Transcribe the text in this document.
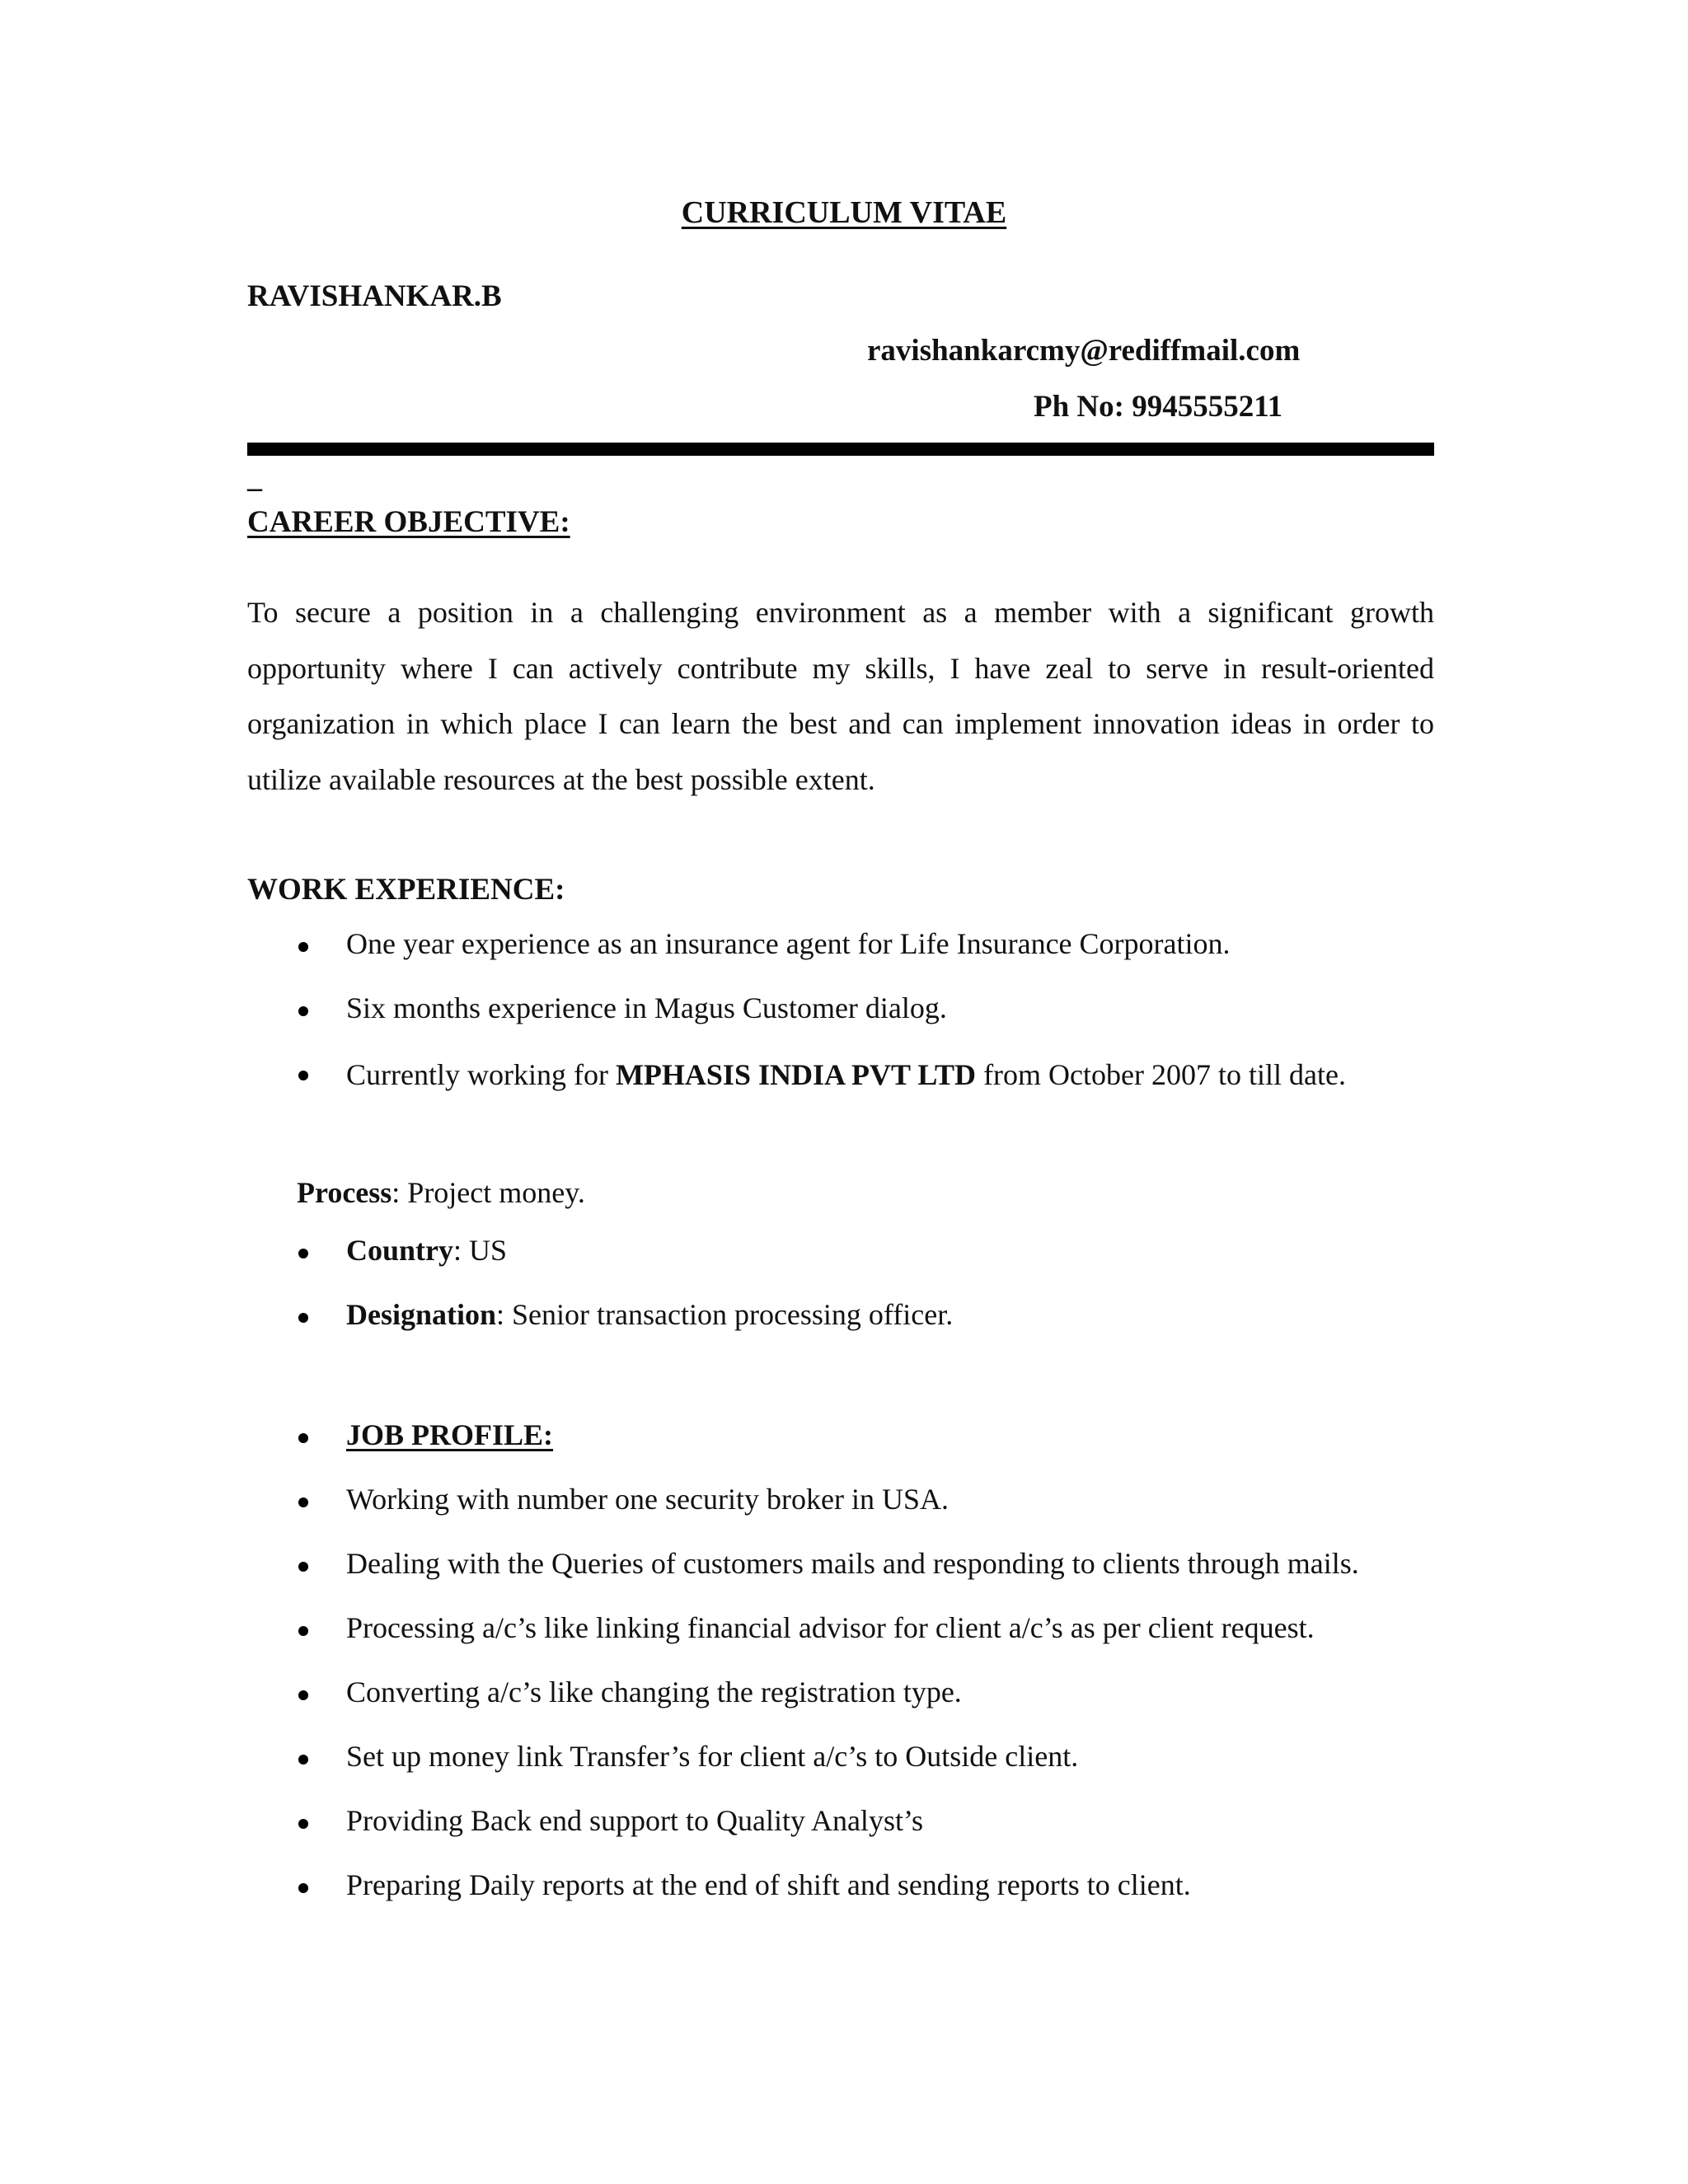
CURRICULUM VITAE
RAVISHANKAR.B
ravishankarcmy@rediffmail.com
Ph No: 9945555211
_
CAREER OBJECTIVE:
To secure a position in a challenging environment as a member with a significant growth opportunity where I can actively contribute my skills, I have zeal to serve in result-oriented organization in which place I can learn the best and can implement innovation ideas in order to utilize available resources at the best possible extent.
WORK EXPERIENCE:
One year experience as an insurance agent for Life Insurance Corporation.
Six months experience in Magus Customer dialog.
Currently working for MPHASIS INDIA PVT LTD from October 2007 to till date.
Process: Project money.
Country: US
Designation: Senior transaction processing officer.
JOB PROFILE:
Working with number one security broker in USA.
Dealing with the Queries of customers mails and responding to clients through mails.
Processing a/c’s like linking financial advisor for client a/c’s as per client request.
Converting a/c’s like changing the registration type.
Set up money link Transfer’s for client a/c’s to Outside client.
Providing Back end support to Quality Analyst’s
Preparing Daily reports at the end of shift and sending reports to client.
